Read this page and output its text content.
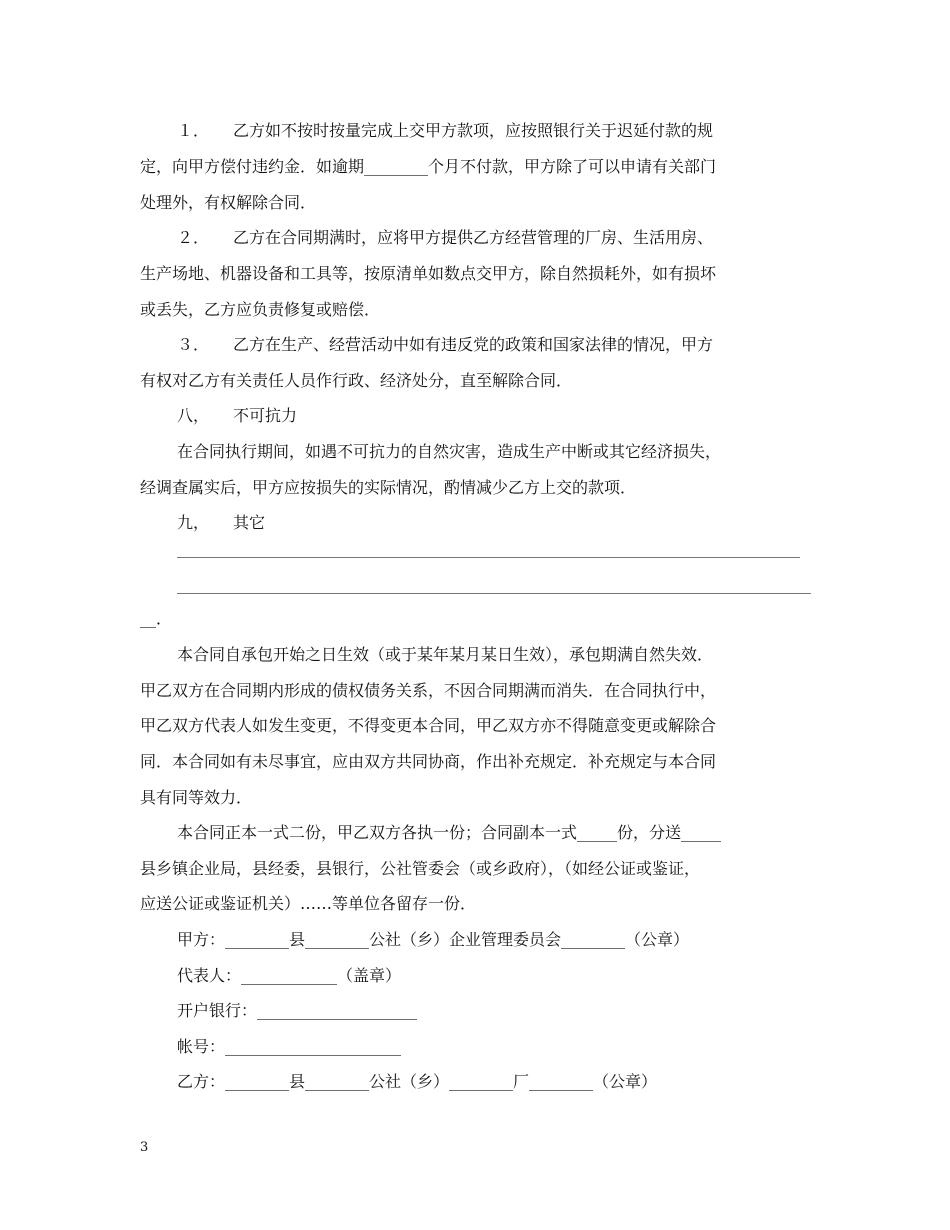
１．　　乙方如不按时按量完成上交甲方款项，应按照银行关于迟延付款的规
定，向甲方偿付违约金．如逾期________个月不付款，甲方除了可以申请有关部门
处理外，有权解除合同．
２．　　乙方在合同期满时，应将甲方提供乙方经营管理的厂房、生活用房、
生产场地、机器设备和工具等，按原清单如数点交甲方，除自然损耗外，如有损坏
或丢失，乙方应负责修复或赔偿．
３．　　乙方在生产、经营活动中如有违反党的政策和国家法律的情况，甲方
有权对乙方有关责任人员作行政、经济处分，直至解除合同．
八，　　不可抗力
在合同执行期间，如遇不可抗力的自然灾害，造成生产中断或其它经济损失，
经调查属实后，甲方应按损失的实际情况，酌情减少乙方上交的款项．
九，　　其它
__．
本合同自承包开始之日生效（或于某年某月某日生效），承包期满自然失效．
甲乙双方在合同期内形成的债权债务关系，不因合同期满而消失．在合同执行中，
甲乙双方代表人如发生变更，不得变更本合同，甲乙双方亦不得随意变更或解除合
同．本合同如有未尽事宜，应由双方共同协商，作出补充规定．补充规定与本合同
具有同等效力．
本合同正本一式二份，甲乙双方各执一份；合同副本一式_____份，分送_____
县乡镇企业局，县经委，县银行，公社管委会（或乡政府），（如经公证或鉴证，
应送公证或鉴证机关）……等单位各留存一份．
甲方：________县________公社（乡）企业管理委员会________（公章）
代表人：____________（盖章）
开户银行：____________________
帐号：______________________
乙方：________县________公社（乡）________厂________（公章）
3
